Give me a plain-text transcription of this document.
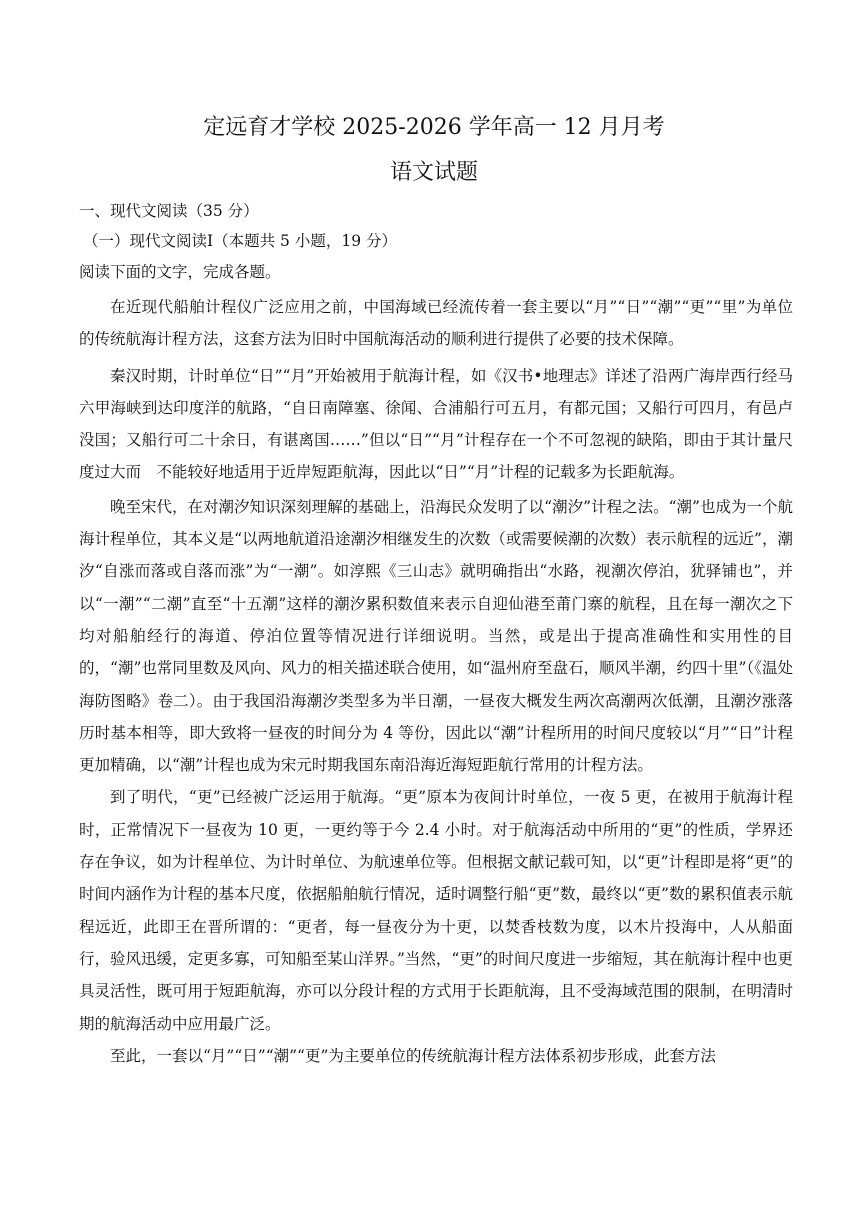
定远育才学校 2025-2026 学年高一 12 月月考
语文试题
一、现代文阅读（35 分）
（一）现代文阅读Ⅰ（本题共 5 小题，19 分）
阅读下面的文字，完成各题。

在近现代船舶计程仪广泛应用之前，中国海域已经流传着一套主要以“月”“日”“潮”“更”“里”为单位的传统航海计程方法，这套方法为旧时中国航海活动的顺利进行提供了必要的技术保障。

秦汉时期，计时单位“日”“月”开始被用于航海计程，如《汉书•地理志》详述了沿两广海岸西行经马六甲海峡到达印度洋的航路，“自日南障塞、徐闻、合浦船行可五月，有都元国；又船行可四月，有邑卢没国；又船行可二十余日，有谌离国……”但以“日”“月”计程存在一个不可忽视的缺陷，即由于其计量尺度过大而　不能较好地适用于近岸短距航海，因此以“日”“月”计程的记载多为长距航海。

晚至宋代，在对潮汐知识深刻理解的基础上，沿海民众发明了以“潮汐”计程之法。“潮”也成为一个航海计程单位，其本义是“以两地航道沿途潮汐相继发生的次数（或需要候潮的次数）表示航程的远近”，潮汐“自涨而落或自落而涨”为“一潮”。如淳熙《三山志》就明确指出“水路，视潮次停泊，犹驿铺也”，并以“一潮”“二潮”直至“十五潮”这样的潮汐累积数值来表示自迎仙港至莆门寨的航程，且在每一潮次之下均对船舶经行的海道、停泊位置等情况进行详细说明。当然，或是出于提高准确性和实用性的目的，“潮”也常同里数及风向、风力的相关描述联合使用，如“温州府至盘石，顺风半潮，约四十里”（《温处海防图略》卷二）。由于我国沿海潮汐类型多为半日潮，一昼夜大概发生两次高潮两次低潮，且潮汐涨落历时基本相等，即大致将一昼夜的时间分为 4 等份，因此以“潮”计程所用的时间尺度较以“月”“日”计程更加精确，以“潮”计程也成为宋元时期我国东南沿海近海短距航行常用的计程方法。

到了明代，“更”已经被广泛运用于航海。“更”原本为夜间计时单位，一夜 5 更，在被用于航海计程时，正常情况下一昼夜为 10 更，一更约等于今 2.4 小时。对于航海活动中所用的“更”的性质，学界还存在争议，如为计程单位、为计时单位、为航速单位等。但根据文献记载可知，以“更”计程即是将“更”的时间内涵作为计程的基本尺度，依据船舶航行情况，适时调整行船“更”数，最终以“更”数的累积值表示航程远近，此即王在晋所谓的：“更者，每一昼夜分为十更，以焚香枝数为度，以木片投海中，人从船面行，验风迅缓，定更多寡，可知船至某山洋界。”当然，“更”的时间尺度进一步缩短，其在航海计程中也更具灵活性，既可用于短距航海，亦可以分段计程的方式用于长距航海，且不受海域范围的限制，在明清时期的航海活动中应用最广泛。

至此，一套以“月”“日”“潮”“更”为主要单位的传统航海计程方法体系初步形成，此套方法
